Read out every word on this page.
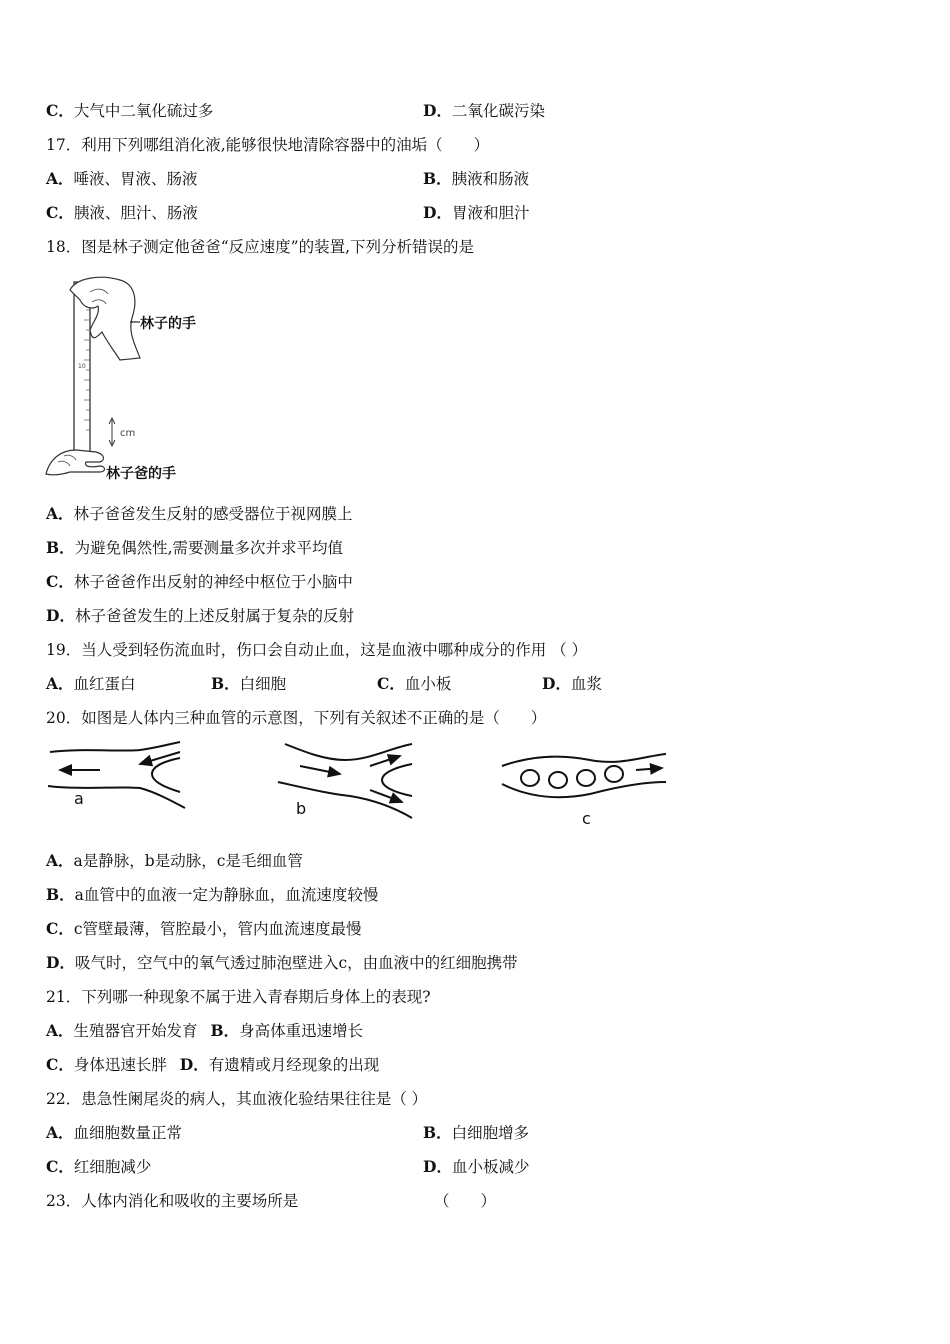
C．大气中二氧化硫过多	D．二氧化碳污染
17．利用下列哪组消化液,能够很快地清除容器中的油垢（　　）
A．唾液、胃液、肠液	B．胰液和肠液
C．胰液、胆汁、肠液	D．胃液和胆汁
18．图是林子测定他爸爸“反应速度”的装置,下列分析错误的是
10
林子的手
cm
林子爸的手
A．林子爸爸发生反射的感受器位于视网膜上
B．为避免偶然性,需要测量多次并求平均值
C．林子爸爸作出反射的神经中枢位于小脑中
D．林子爸爸发生的上述反射属于复杂的反射
19．当人受到轻伤流血时，伤口会自动止血，这是血液中哪种成分的作用 （ ）
A．血红蛋白	B．白细胞	C．血小板	D．血浆
20．如图是人体内三种血管的示意图，下列有关叙述不正确的是（　　）
a
b
c
A．a是静脉，b是动脉，c是毛细血管
B．a血管中的血液一定为静脉血，血流速度较慢
C．c管壁最薄，管腔最小，管内血流速度最慢
D．吸气时，空气中的氧气透过肺泡壁进入c，由血液中的红细胞携带
21．下列哪一种现象不属于进入青春期后身体上的表现?
A．生殖器官开始发育 B．身高体重迅速增长
C．身体迅速长胖 D．有遗精或月经现象的出现
22．患急性阑尾炎的病人，其血液化验结果往往是（ ）
A．血细胞数量正常	B．白细胞增多
C．红细胞减少	D．血小板减少
23．人体内消化和吸收的主要场所是	（　　）
